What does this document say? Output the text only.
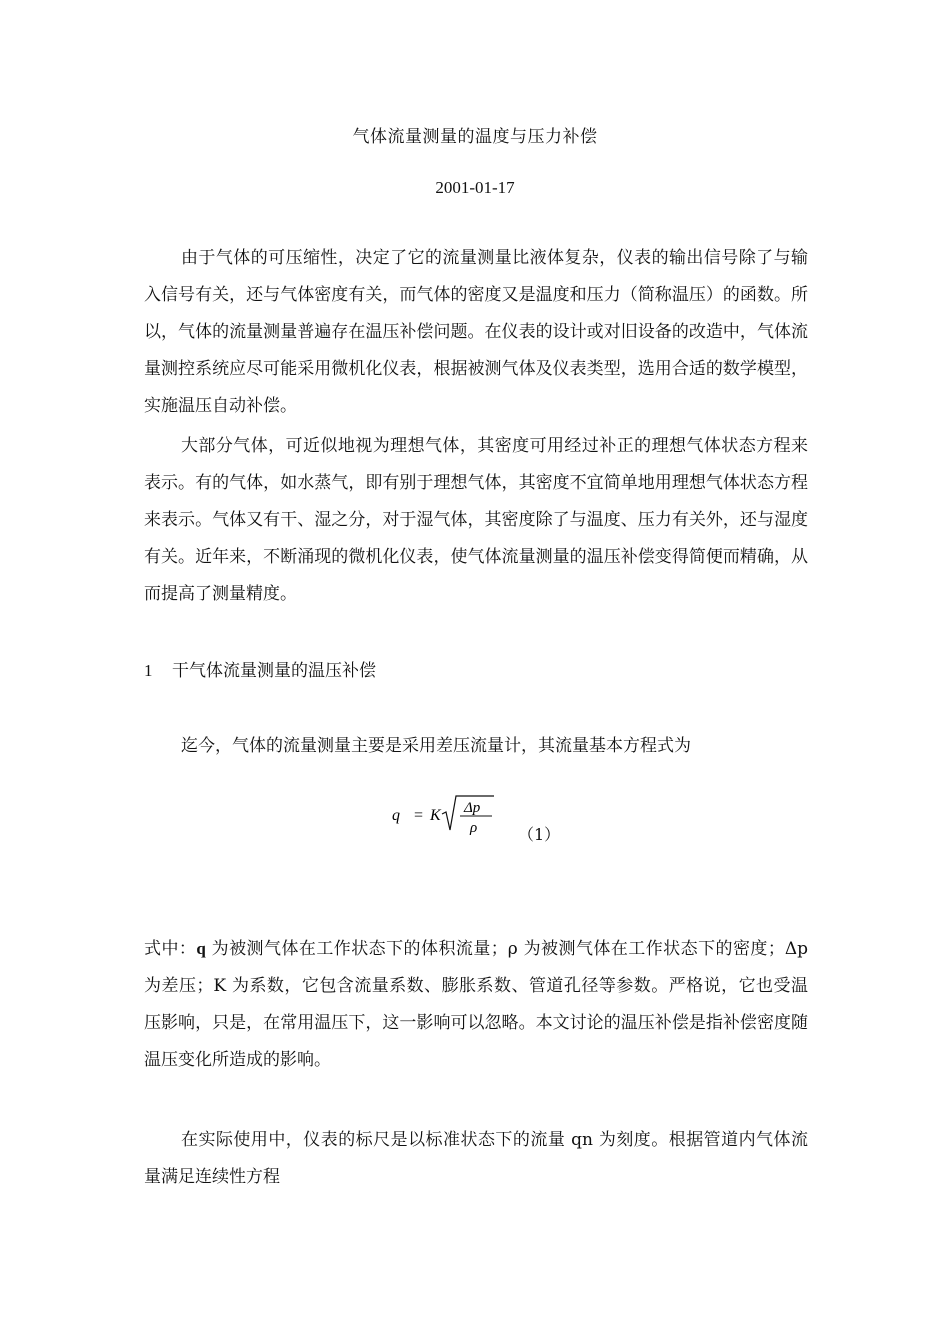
气体流量测量的温度与压力补偿
2001-01-17

由于气体的可压缩性，决定了它的流量测量比液体复杂，仪表的输出信号除了与输入信号有关，还与气体密度有关，而气体的密度又是温度和压力（简称温压）的函数。所以，气体的流量测量普遍存在温压补偿问题。在仪表的设计或对旧设备的改造中，气体流量测控系统应尽可能采用微机化仪表，根据被测气体及仪表类型，选用合适的数学模型，实施温压自动补偿。

大部分气体，可近似地视为理想气体，其密度可用经过补正的理想气体状态方程来表示。有的气体，如水蒸气，即有别于理想气体，其密度不宜简单地用理想气体状态方程来表示。气体又有干、湿之分，对于湿气体，其密度除了与温度、压力有关外，还与湿度有关。近年来，不断涌现的微机化仪表，使气体流量测量的温压补偿变得简便而精确，从而提高了测量精度。

1 干气体流量测量的温压补偿

迄今，气体的流量测量主要是采用差压流量计，其流量基本方程式为

q = K Δp
ρ	（1）

式中：q 为被测气体在工作状态下的体积流量；ρ 为被测气体在工作状态下的密度；Δp 为差压；K 为系数，它包含流量系数、膨胀系数、管道孔径等参数。严格说，它也受温压影响，只是，在常用温压下，这一影响可以忽略。本文讨论的温压补偿是指补偿密度随温压变化所造成的影响。

在实际使用中，仪表的标尺是以标准状态下的流量 qn 为刻度。根据管道内气体流量满足连续性方程
